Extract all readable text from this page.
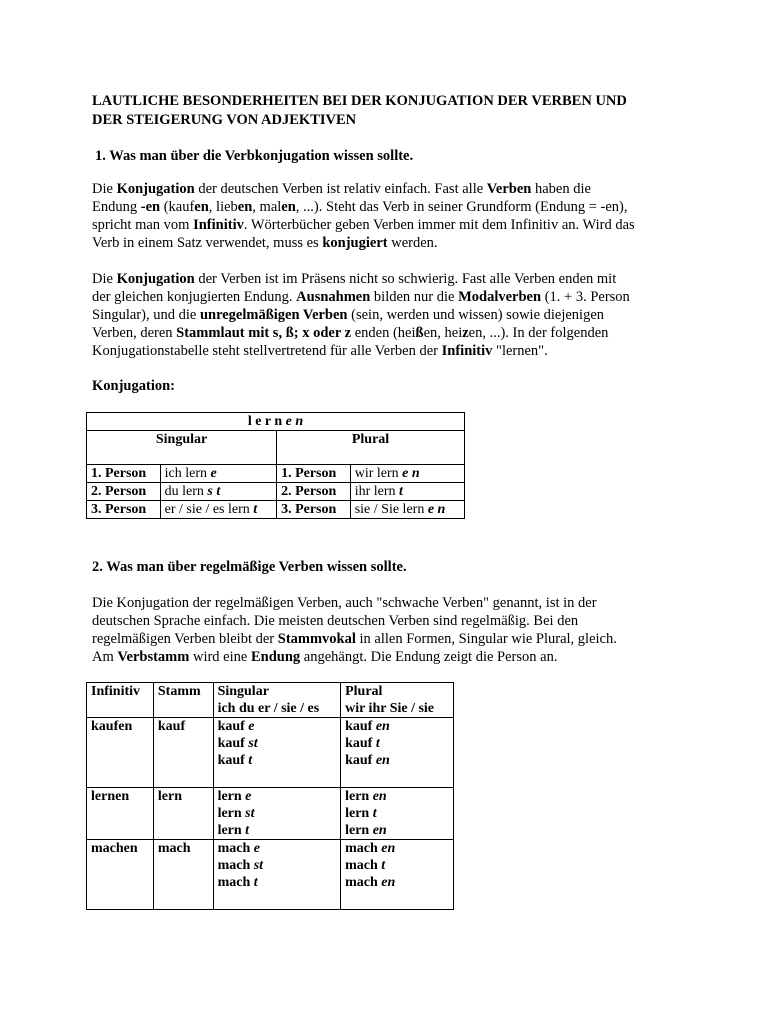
LAUTLICHE BESONDERHEITEN BEI DER KONJUGATION DER VERBEN UND
DER STEIGERUNG VON ADJEKTIVEN
1. Was man über die Verbkonjugation wissen sollte.

Die Konjugation der deutschen Verben ist relativ einfach. Fast alle Verben haben die
Endung -en (kaufen, lieben, malen, ...). Steht das Verb in seiner Grundform (Endung = -en),
spricht man vom Infinitiv. Wörterbücher geben Verben immer mit dem Infinitiv an. Wird das
Verb in einem Satz verwendet, muss es konjugiert werden.

Die Konjugation der Verben ist im Präsens nicht so schwierig. Fast alle Verben enden mit
der gleichen konjugierten Endung. Ausnahmen bilden nur die Modalverben (1. + 3. Person
Singular), und die unregelmäßigen Verben (sein, werden und wissen) sowie diejenigen
Verben, deren Stammlaut mit s, ß; x oder z enden (heißen, heizen, ...). In der folgenden
Konjugationstabelle steht stellvertretend für alle Verben der Infinitiv "lernen".

Konjugation:
l e r n e n			
Singular		Plural	
1. Person	ich lern e	1. Person	wir lern e n
2. Person	du lern s t	2. Person	ihr lern t
3. Person	er / sie / es lern t	3. Person	sie / Sie lern e n
2. Was man über regelmäßige Verben wissen sollte.

Die Konjugation der regelmäßigen Verben, auch "schwache Verben" genannt, ist in der
deutschen Sprache einfach. Die meisten deutschen Verben sind regelmäßig. Bei den
regelmäßigen Verben bleibt der Stammvokal in allen Formen, Singular wie Plural, gleich.
Am Verbstamm wird eine Endung angehängt. Die Endung zeigt die Person an.

Infinitiv	Stamm	Singular	Plural
		ich du er / sie / es	wir ihr Sie / sie
kaufen	kauf	kauf e	kauf en
		kauf st	kauf t
		kauf t	kauf en

lernen	lern	lern e	lern en
		lern st	lern t
		lern t	lern en
machen	mach	mach e	mach en
		mach st	mach t
		mach t	mach en
